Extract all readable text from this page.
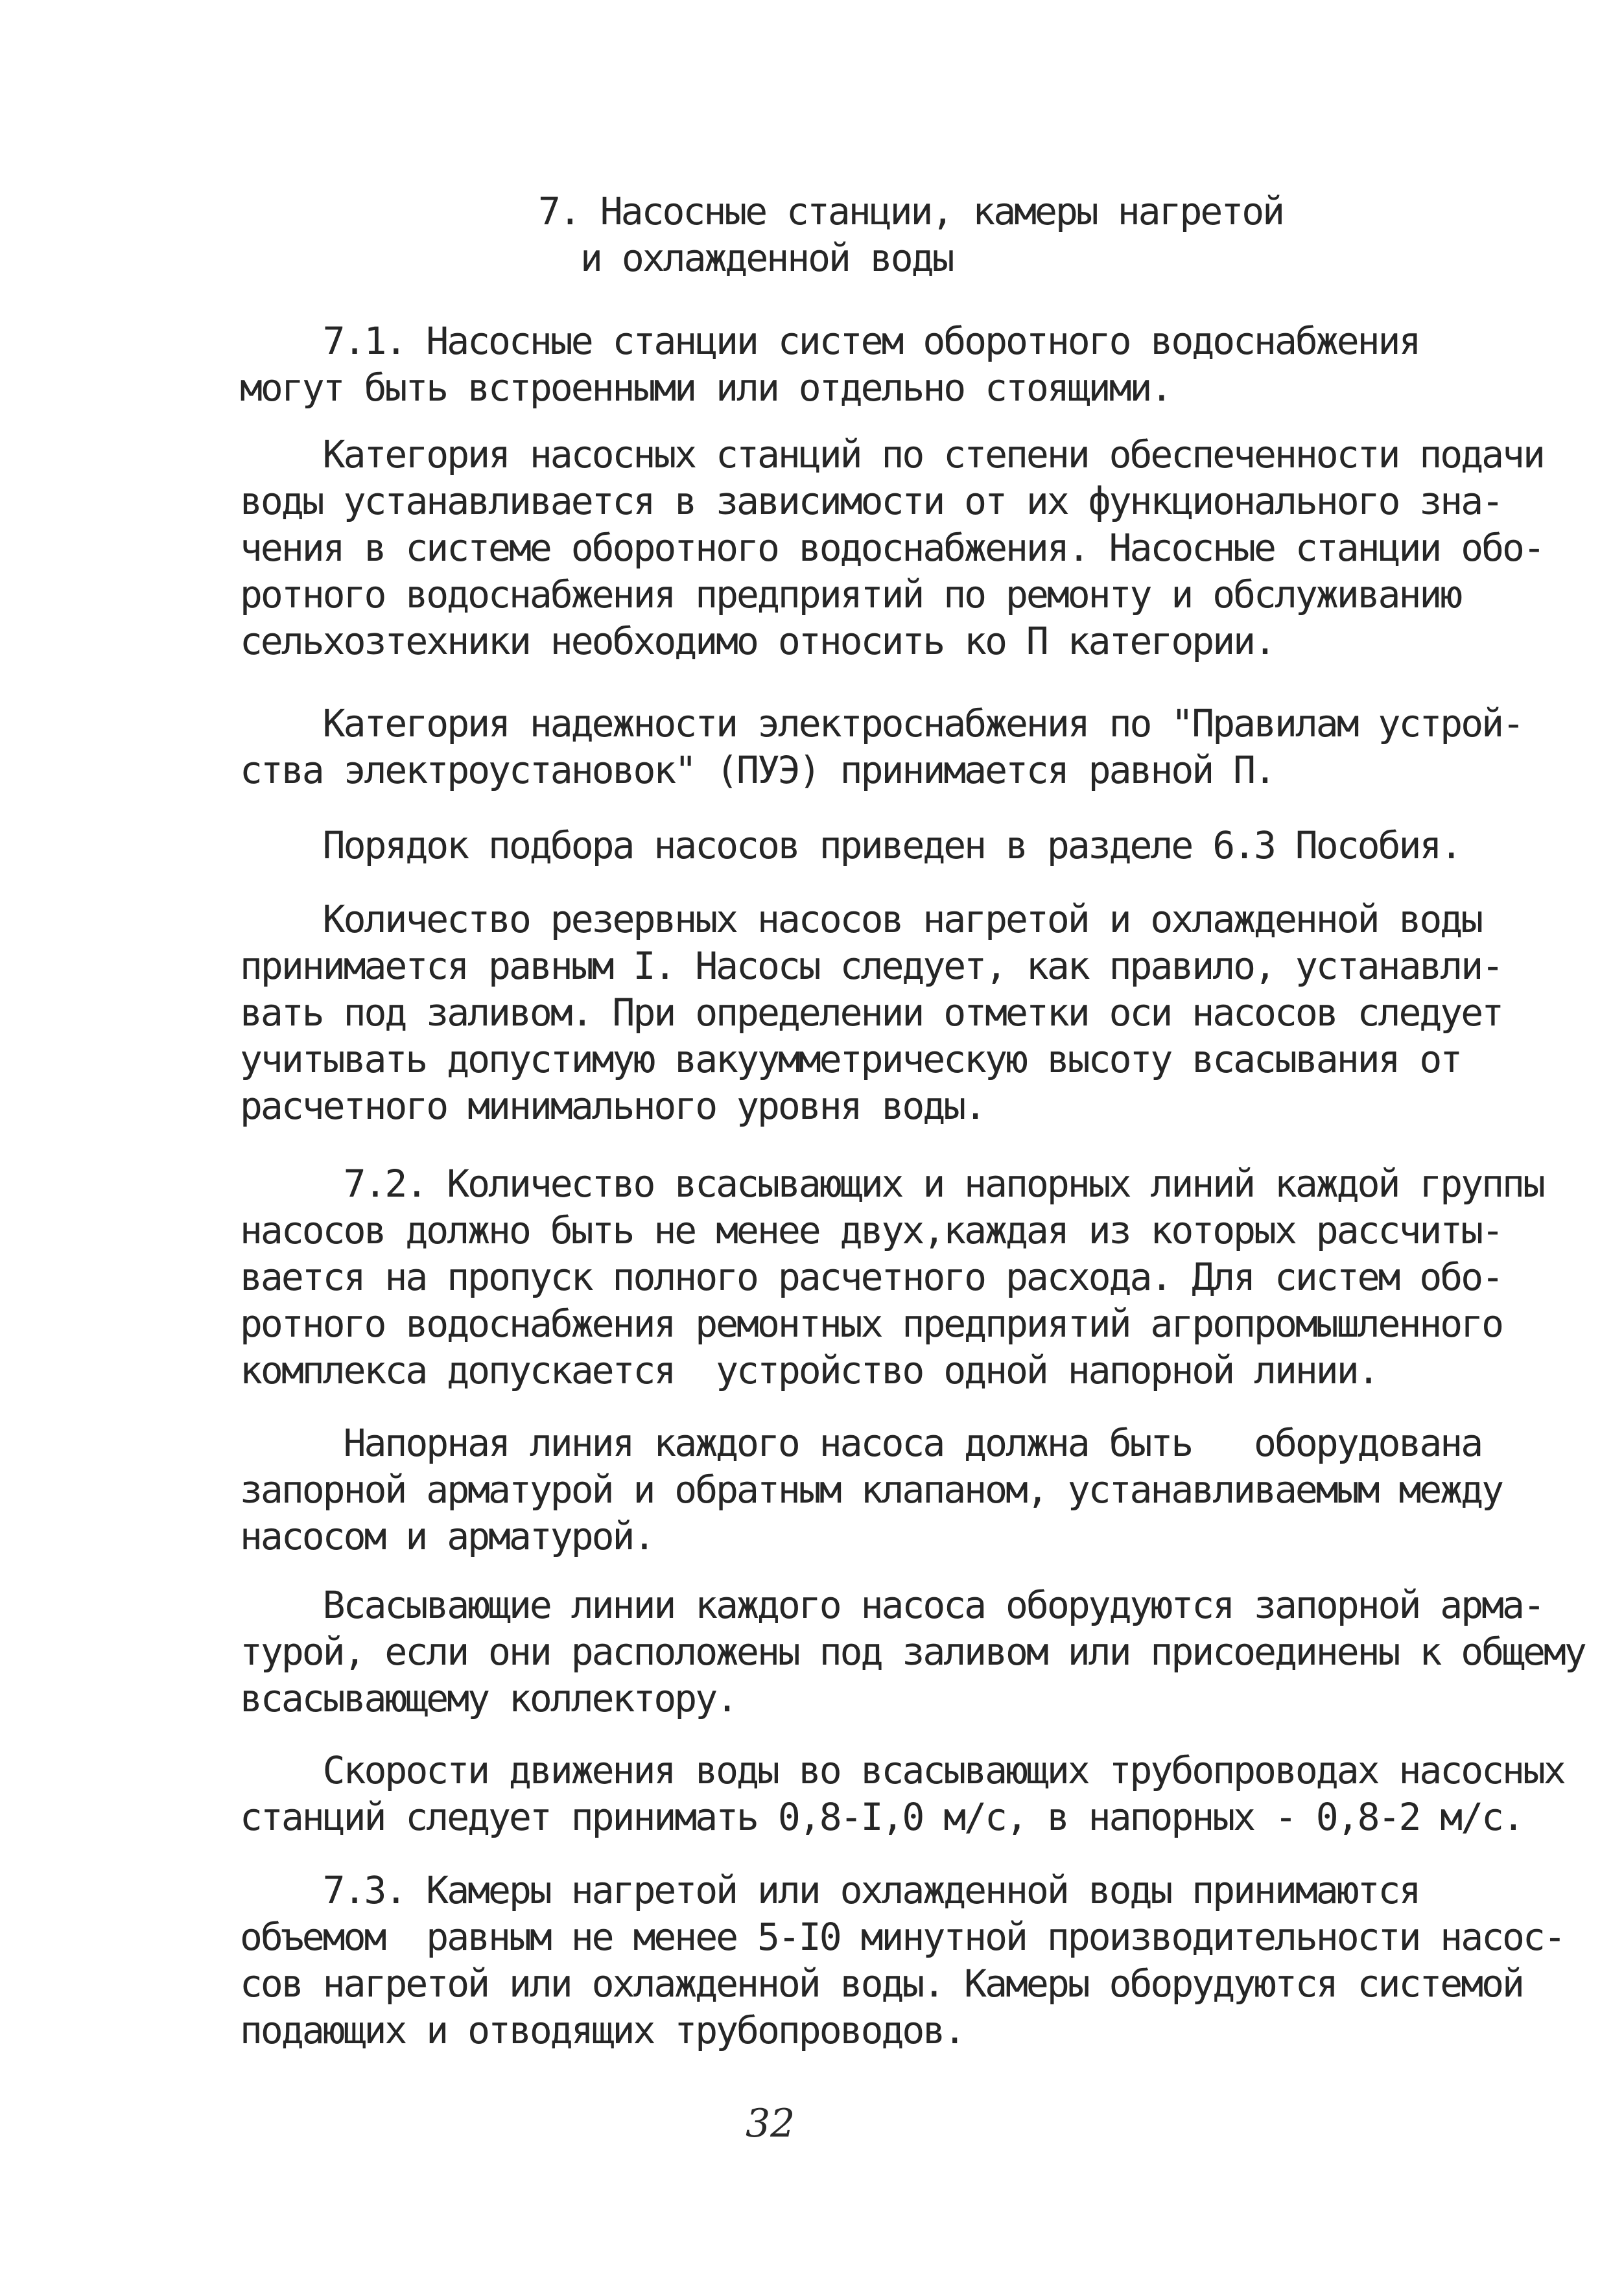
7. Насосные станции, камеры нагретой
и охлажденной воды
7.1. Насосные станции систем оборотного водоснабжения
могут быть встроенными или отдельно стоящими.
Категория насосных станций по степени обеспеченности подачи
воды устанавливается в зависимости от их функционального зна-
чения в системе оборотного водоснабжения. Насосные станции обо-
ротного водоснабжения предприятий по ремонту и обслуживанию
сельхозтехники необходимо относить ко П категории.
Категория надежности электроснабжения по "Правилам устрой-
ства электроустановок" (ПУЭ) принимается равной П.
Порядок подбора насосов приведен в разделе 6.3 Пособия.
Количество резервных насосов нагретой и охлажденной воды
принимается равным I. Насосы следует, как правило, устанавли-
вать под заливом. При определении отметки оси насосов следует
учитывать допустимую вакуумметрическую высоту всасывания от
расчетного минимального уровня воды.
7.2. Количество всасывающих и напорных линий каждой группы
насосов должно быть не менее двух,каждая из которых рассчиты-
вается на пропуск полного расчетного расхода. Для систем обо-
ротного водоснабжения ремонтных предприятий агропромышленного
комплекса допускается  устройство одной напорной линии.
Напорная линия каждого насоса должна быть   оборудована
запорной арматурой и обратным клапаном, устанавливаемым между
насосом и арматурой.
Всасывающие линии каждого насоса оборудуются запорной арма-
турой, если они расположены под заливом или присоединены к общему
всасывающему коллектору.
Скорости движения воды во всасывающих трубопроводах насосных
станций следует принимать 0,8-I,0 м/с, в напорных - 0,8-2 м/с.
7.3. Камеры нагретой или охлажденной воды принимаются
объемом  равным не менее 5-I0 минутной производительности насос-
сов нагретой или охлажденной воды. Камеры оборудуются системой
подающих и отводящих трубопроводов.
32
